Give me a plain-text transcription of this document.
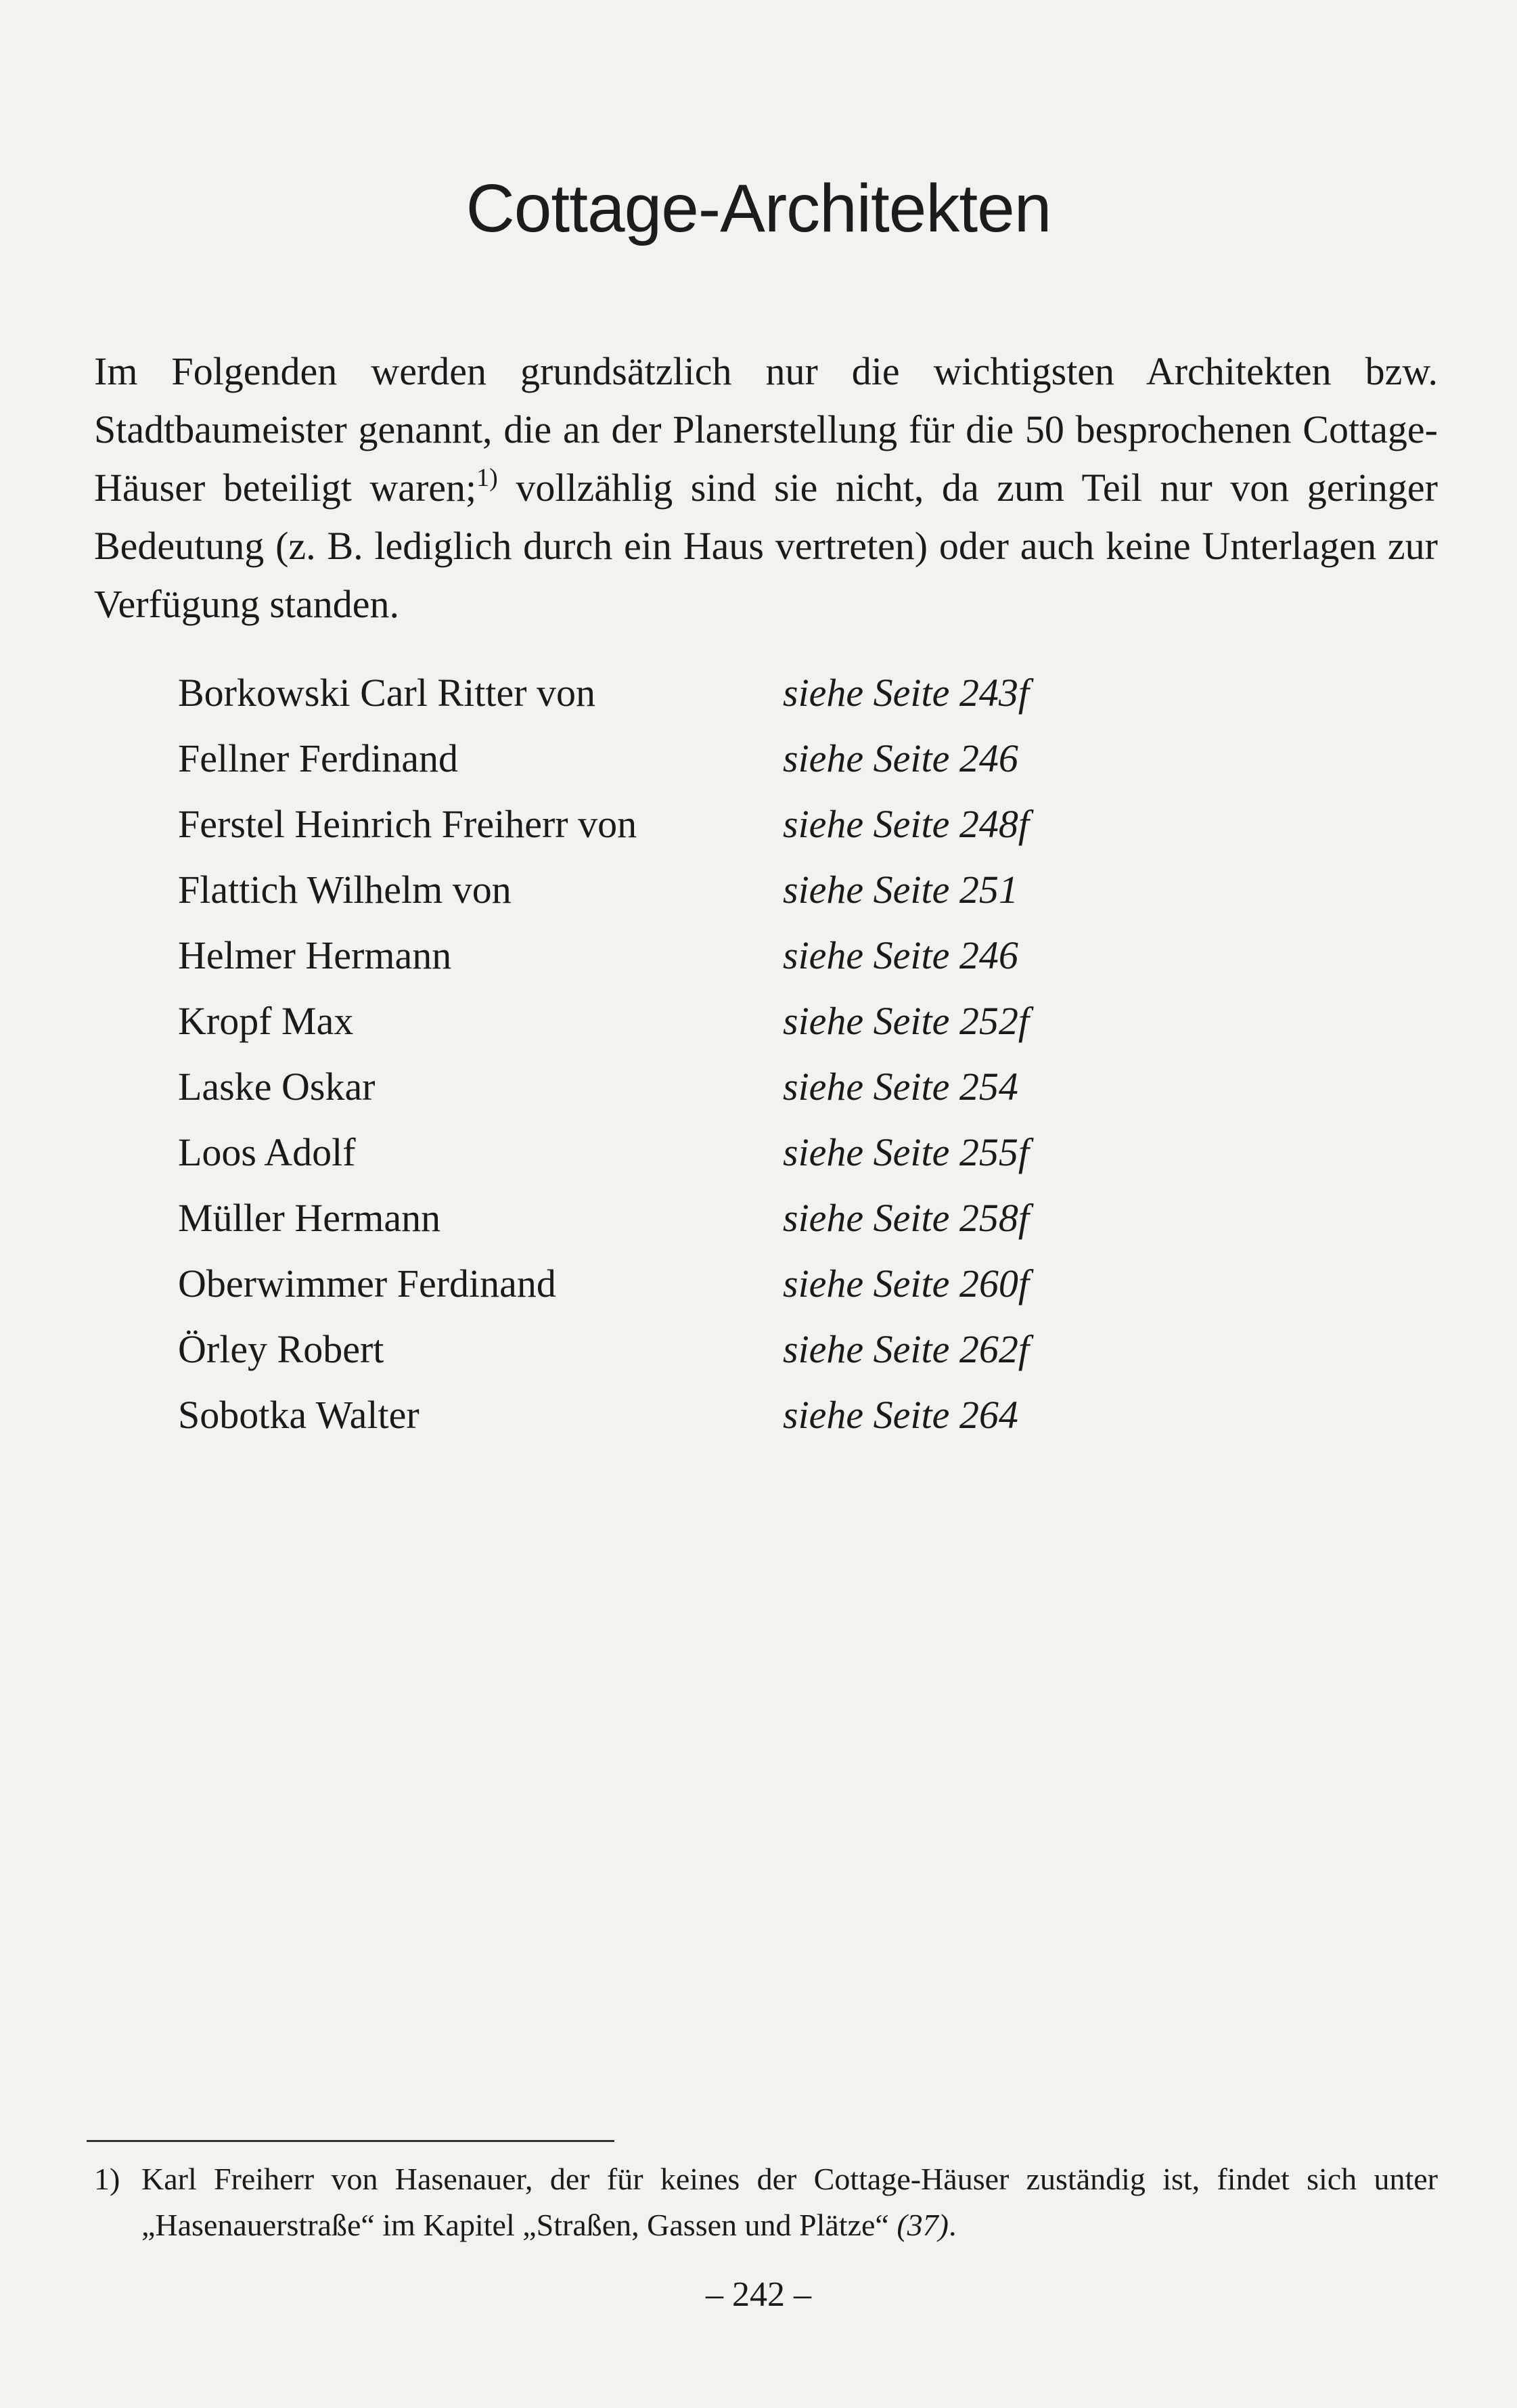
Cottage-Architekten

Im Folgenden werden grundsätzlich nur die wichtigsten Architekten bzw. Stadtbaumeister genannt, die an der Planerstellung für die 50 besprochenen Cottage-Häuser beteiligt waren;$^{1)}$ vollzählig sind sie nicht, da zum Teil nur von geringer Bedeutung (z. B. lediglich durch ein Haus vertreten) oder auch keine Unterlagen zur Verfügung standen.

Borkowski Carl Ritter von	siehe Seite 243f
Fellner Ferdinand	siehe Seite 246
Ferstel Heinrich Freiherr von	siehe Seite 248f
Flattich Wilhelm von	siehe Seite 251
Helmer Hermann	siehe Seite 246
Kropf Max	siehe Seite 252f
Laske Oskar	siehe Seite 254
Loos Adolf	siehe Seite 255f
Müller Hermann	siehe Seite 258f
Oberwimmer Ferdinand	siehe Seite 260f
Örley Robert	siehe Seite 262f
Sobotka Walter	siehe Seite 264
1) Karl Freiherr von Hasenauer, der für keines der Cottage-Häuser zuständig ist, findet sich unter „Hasenauerstraße“ im Kapitel „Straßen, Gassen und Plätze“ (37).
– 242 –
